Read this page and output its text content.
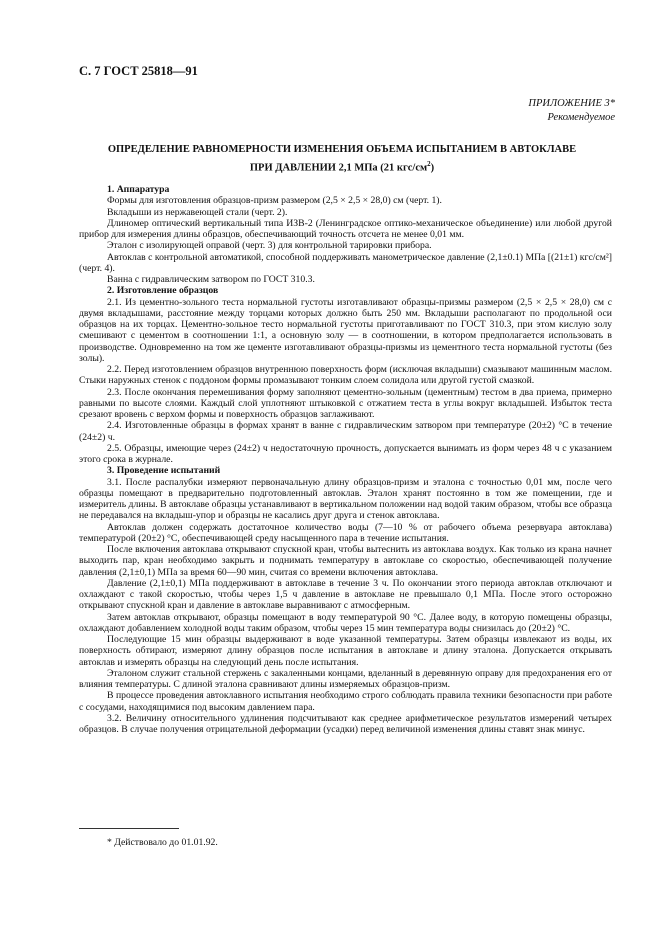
С. 7 ГОСТ 25818—91
ПРИЛОЖЕНИЕ 3*
Рекомендуемое
ОПРЕДЕЛЕНИЕ РАВНОМЕРНОСТИ ИЗМЕНЕНИЯ ОБЪЕМА ИСПЫТАНИЕМ В АВТОКЛАВЕ
ПРИ ДАВЛЕНИИ 2,1 МПа (21 кгс/$см^2$)

1. Аппаратура

Формы для изготовления образцов-призм размером (2,5 × 2,5 × 28,0) см (черт. 1).

Вкладыши из нержавеющей стали (черт. 2).

Длиномер оптический вертикальный типа ИЗВ-2 (Ленинградское оптико-механическое объединение) или любой другой прибор для измерения длины образцов, обеспечивающий точность отсчета не менее 0,01 мм.

Эталон с изолирующей оправой (черт. 3) для контрольной тарировки прибора.

Автоклав с контрольной автоматикой, способной поддерживать манометрическое давление (2,1±0.1) МПа [(21±1) кгс/см²] (черт. 4).

Ванна с гидравлическим затвором по ГОСТ 310.3.

2. Изготовление образцов

2.1. Из цементно-зольного теста нормальной густоты изготавливают образцы-призмы размером (2,5 × 2,5 × 28,0) см с двумя вкладышами, расстояние между торцами которых должно быть 250 мм. Вкладыши располагают по продольной оси образцов на их торцах. Цементно-зольное тесто нормальной густоты приготавливают по ГОСТ 310.3, при этом кислую золу смешивают с цементом в соотношении 1:1, а основную золу — в соотношении, в котором предполагается использовать в производстве. Одновременно на том же цементе изготавливают образцы-призмы из цементного теста нормальной густоты (без золы).

2.2. Перед изготовлением образцов внутреннюю поверхность форм (исключая вкладыши) смазывают машинным маслом. Стыки наружных стенок с поддоном формы промазывают тонким слоем солидола или другой густой смазкой.

2.3. После окончания перемешивания форму заполняют цементно-зольным (цементным) тестом в два приема, примерно равными по высоте слоями. Каждый слой уплотняют штыковкой с отжатием теста в углы вокруг вкладышей. Избыток теста срезают вровень с верхом формы и поверхность образцов заглаживают.

2.4. Изготовленные образцы в формах хранят в ванне с гидравлическим затвором при температуре (20±2) °С в течение (24±2) ч.

2.5. Образцы, имеющие через (24±2) ч недостаточную прочность, допускается вынимать из форм через 48 ч с указанием этого срока в журнале.

3. Проведение испытаний

3.1. После распалубки измеряют первоначальную длину образцов-призм и эталона с точностью 0,01 мм, после чего образцы помещают в предварительно подготовленный автоклав. Эталон хранят постоянно в том же помещении, где и измеритель длины. В автоклаве образцы устанавливают в вертикальном положении над водой таким образом, чтобы все образца не передавался на вкладыш-упор и образцы не касались друг друга и стенок автоклава.

Автоклав должен содержать достаточное количество воды (7—10 % от рабочего объема резервуара автоклава) температурой (20±2) °С, обеспечивающей среду насыщенного пара в течение испытания.

После включения автоклава открывают спускной кран, чтобы вытеснить из автоклава воздух. Как только из крана начнет выходить пар, кран необходимо закрыть и поднимать температуру в автоклаве со скоростью, обеспечивающей получение давления (2,1±0,1) МПа за время 60—90 мин, считая со времени включения автоклава.

Давление (2,1±0,1) МПа поддерживают в автоклаве в течение 3 ч. По окончании этого периода автоклав отключают и охлаждают с такой скоростью, чтобы через 1,5 ч давление в автоклаве не превышало 0,1 МПа. После этого осторожно открывают спускной кран и давление в автоклаве выравнивают с атмосферным.

Затем автоклав открывают, образцы помещают в воду температурой 90 °С. Далее воду, в которую помещены образцы, охлаждают добавлением холодной воды таким образом, чтобы через 15 мин температура воды снизилась до (20±2) °С.

Последующие 15 мин образцы выдерживают в воде указанной температуры. Затем образцы извлекают из воды, их поверхность обтирают, измеряют длину образцов после испытания в автоклаве и длину эталона. Допускается открывать автоклав и измерять образцы на следующий день после испытания.

Эталоном служит стальной стержень с закаленными концами, вделанный в деревянную оправу для предохранения его от влияния температуры. С длиной эталона сравнивают длины измеряемых образцов-призм.

В процессе проведения автоклавного испытания необходимо строго соблюдать правила техники безопасности при работе с сосудами, находящимися под высоким давлением пара.

3.2. Величину относительного удлинения подсчитывают как среднее арифметическое результатов измерений четырех образцов. В случае получения отрицательной деформации (усадки) перед величиной изменения длины ставят знак минус.

* Действовало до 01.01.92.
